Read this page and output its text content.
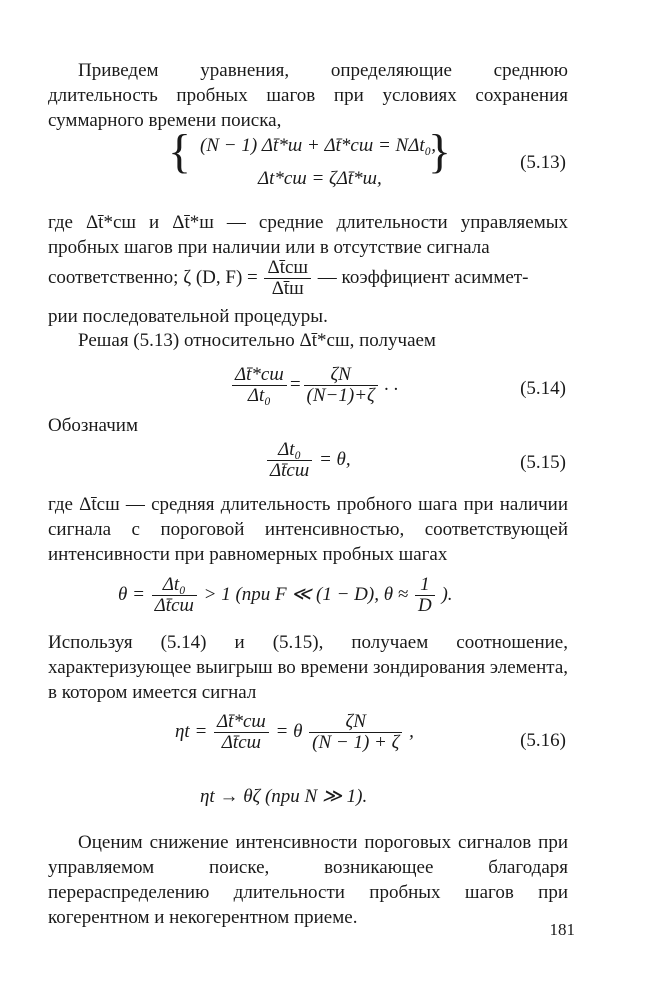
Приведем уравнения, определяющие среднюю длительность пробных шагов при условиях сохранения суммарного времени поиска,
{ (N − 1) Δt̄*ш + Δt̄*сш = NΔt₀,
Δt*сш = ζΔt̄*ш,
}	(5.13)
где Δt̄*сш и Δt̄*ш — средние длительности управляемых пробных шагов при наличии или в отсутствие сигнала
соответственно; ζ (D, $F) = \frac{\Delta t̄сш}{\Delta t̄ш}$ — коэффициент асиммет-
рии последовательной процедуры.
Решая (5.13) относительно Δt̄*сш, получаем
$\frac{\Delta t̄*сш}{\text{Δt₀}} = \frac{\zeta N}{(N-1)+\zeta}$ . .	(5.14)
Обозначим
$\frac{\text{Δt₀}}{\Delta t̄сш} = \theta$,	(5.15)
где Δt̄сш — средняя длительность пробного шага при наличии сигнала с пороговой интенсивностью, соответствующей интенсивности при равномерных пробных шагах
$\theta = \frac{\text{Δt₀}}{\Delta t̄сш} > 1$ (при F ≪ (1 − D), $\theta \approx \frac{1}{D}$ ).
Используя (5.14) и (5.15), получаем соотношение, характеризующее выигрыш во времени зондирования элемента, в котором имеется сигнал
$\eta t = \frac{\Delta t̄*сш}{\Delta t̄сш} = \theta \frac{\zeta N}{(N - 1) + \zeta}$ ,	(5.16)
ηt → θζ (при N ≫ 1).
Оценим снижение интенсивности пороговых сигналов при управляемом поиске, возникающее благодаря перераспределению длительности пробных шагов при когерентном и некогерентном приеме.
181
